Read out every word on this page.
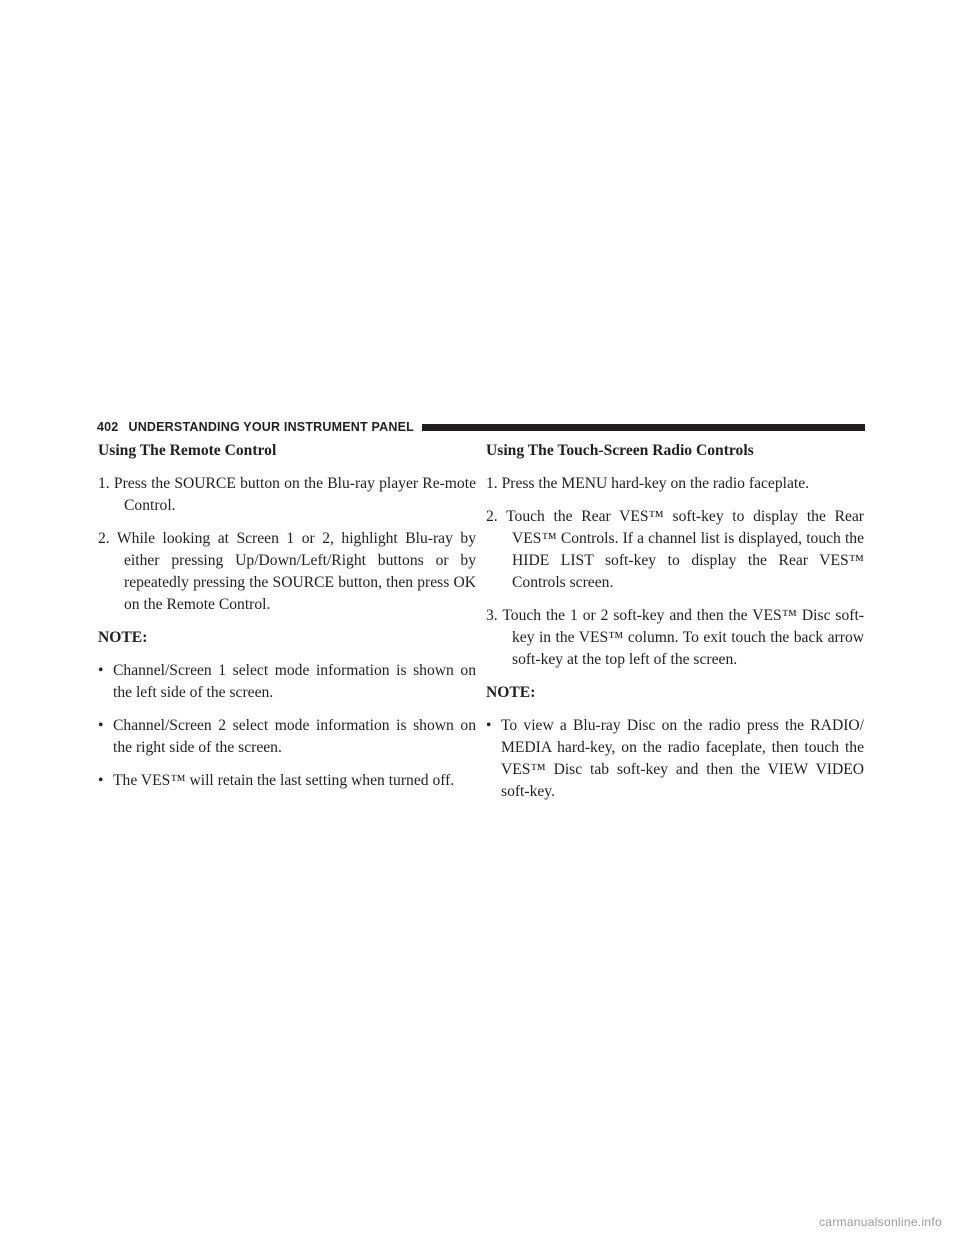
402 UNDERSTANDING YOUR INSTRUMENT PANEL
Using The Remote Control

1. Press the SOURCE button on the Blu-ray player Re-mote Control.

2. While looking at Screen 1 or 2, highlight Blu-ray by either pressing Up/Down/Left/Right buttons or by repeatedly pressing the SOURCE button, then press OK on the Remote Control.

NOTE:

• Channel/Screen 1 select mode information is shown on the left side of the screen.

• Channel/Screen 2 select mode information is shown on the right side of the screen.

• The VES™ will retain the last setting when turned off.

Using The Touch-Screen Radio Controls

1. Press the MENU hard-key on the radio faceplate.

2. Touch the Rear VES™ soft-key to display the Rear VES™ Controls. If a channel list is displayed, touch the HIDE LIST soft-key to display the Rear VES™ Controls screen.

3. Touch the 1 or 2 soft-key and then the VES™ Disc soft-key in the VES™ column. To exit touch the back arrow soft-key at the top left of the screen.

NOTE:

• To view a Blu-ray Disc on the radio press the RADIO/ MEDIA hard-key, on the radio faceplate, then touch the VES™ Disc tab soft-key and then the VIEW VIDEO soft-key.

carmanualsonline.info
